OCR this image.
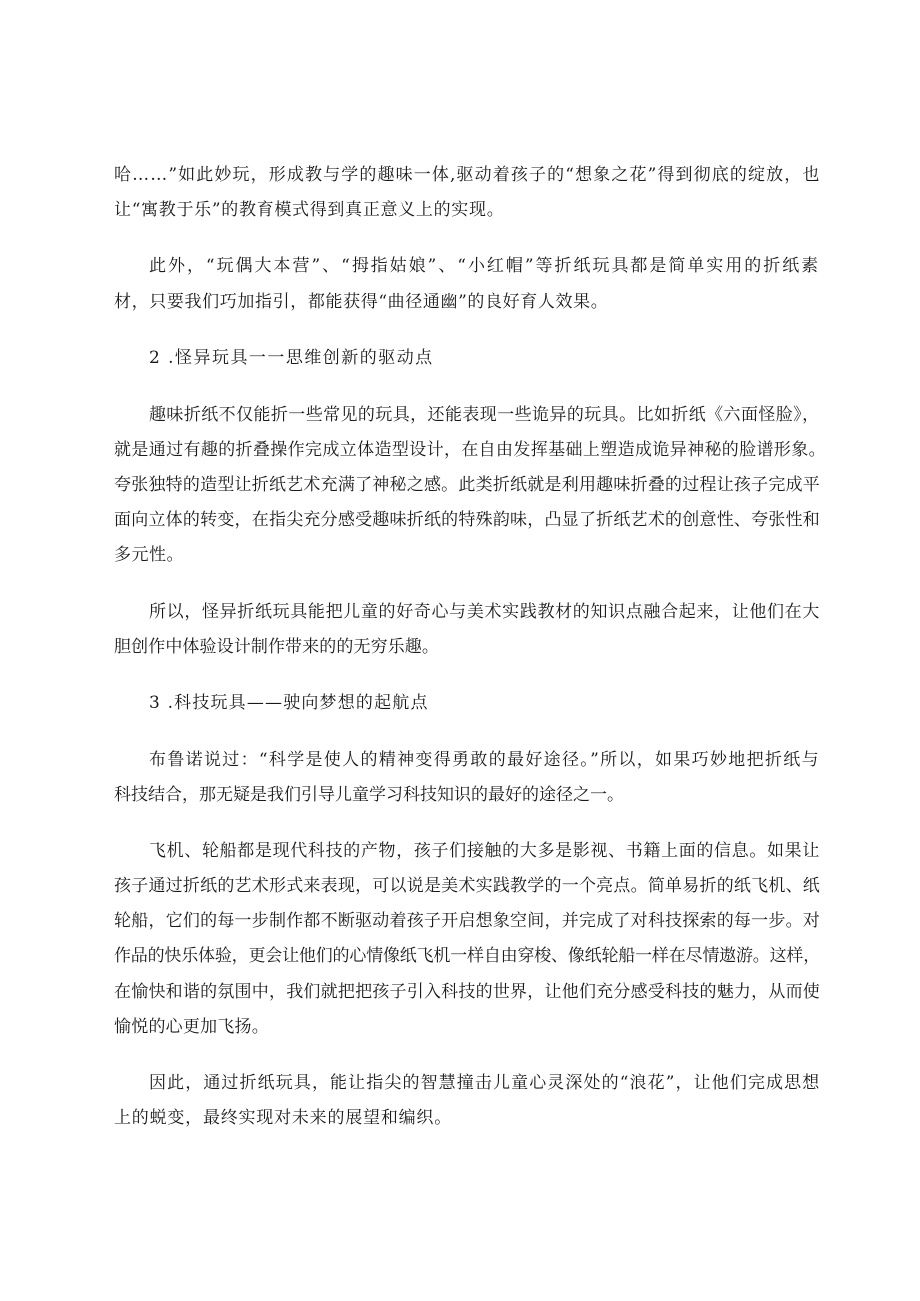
哈……”如此妙玩，形成教与学的趣味一体,驱动着孩子的“想象之花”得到彻底的绽放，也

让“寓教于乐”的教育模式得到真正意义上的实现。

此外，“玩偶大本营”、“拇指姑娘”、“小红帽”等折纸玩具都是简单实用的折纸素

材，只要我们巧加指引，都能获得“曲径通幽”的良好育人效果。

2 .怪异玩具一一思维创新的驱动点

趣味折纸不仅能折一些常见的玩具，还能表现一些诡异的玩具。比如折纸《六面怪脸》，

就是通过有趣的折叠操作完成立体造型设计，在自由发挥基础上塑造成诡异神秘的脸谱形象。

夸张独特的造型让折纸艺术充满了神秘之感。此类折纸就是利用趣味折叠的过程让孩子完成平

面向立体的转变，在指尖充分感受趣味折纸的特殊韵味，凸显了折纸艺术的创意性、夸张性和

多元性。

所以，怪异折纸玩具能把儿童的好奇心与美术实践教材的知识点融合起来，让他们在大

胆创作中体验设计制作带来的的无穷乐趣。

3 .科技玩具——驶向梦想的起航点

布鲁诺说过：“科学是使人的精神变得勇敢的最好途径。”所以，如果巧妙地把折纸与

科技结合，那无疑是我们引导儿童学习科技知识的最好的途径之一。

飞机、轮船都是现代科技的产物，孩子们接触的大多是影视、书籍上面的信息。如果让

孩子通过折纸的艺术形式来表现，可以说是美术实践教学的一个亮点。简单易折的纸飞机、纸

轮船，它们的每一步制作都不断驱动着孩子开启想象空间，并完成了对科技探索的每一步。对

作品的快乐体验，更会让他们的心情像纸飞机一样自由穿梭、像纸轮船一样在尽情遨游。这样，

在愉快和谐的氛围中，我们就把把孩子引入科技的世界，让他们充分感受科技的魅力，从而使

愉悦的心更加飞扬。

因此，通过折纸玩具，能让指尖的智慧撞击儿童心灵深处的“浪花”，让他们完成思想

上的蜕变，最终实现对未来的展望和编织。
